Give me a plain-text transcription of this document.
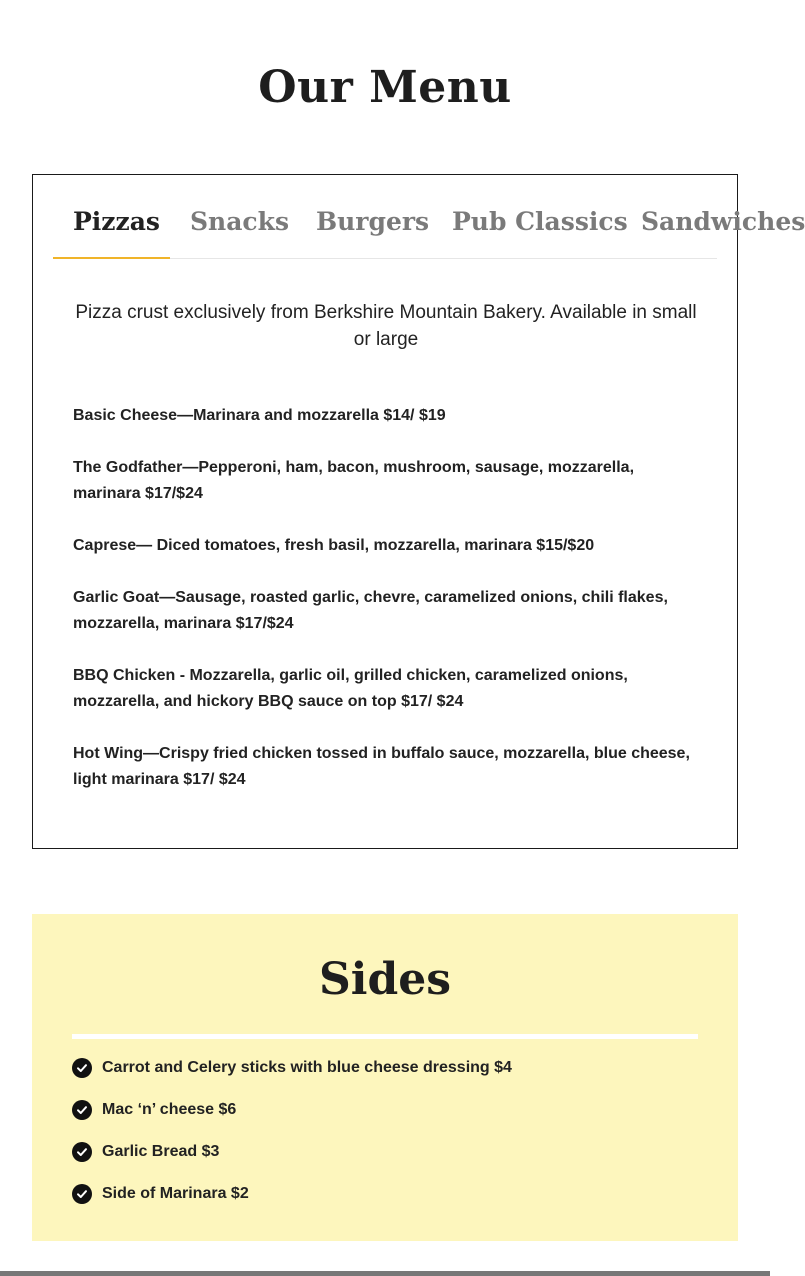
Our Menu
Pizzas	Snacks Burgers Pub Classics Sandwiches

Pizza crust exclusively from Berkshire Mountain Bakery. Available in small or large

Basic Cheese—Marinara and mozzarella $14/ $19

The Godfather—Pepperoni, ham, bacon, mushroom, sausage, mozzarella, marinara $17/$24

Caprese— Diced tomatoes, fresh basil, mozzarella, marinara $15/$20

Garlic Goat—Sausage, roasted garlic, chevre, caramelized onions, chili flakes, mozzarella, marinara $17/$24

BBQ Chicken - Mozzarella, garlic oil, grilled chicken, caramelized onions, mozzarella, and hickory BBQ sauce on top $17/ $24

Hot Wing—Crispy fried chicken tossed in buffalo sauce, mozzarella, blue cheese, light marinara $17/ $24

Sides
Carrot and Celery sticks with blue cheese dressing $4
Mac ‘n’ cheese $6
Garlic Bread $3
Side of Marinara $2
